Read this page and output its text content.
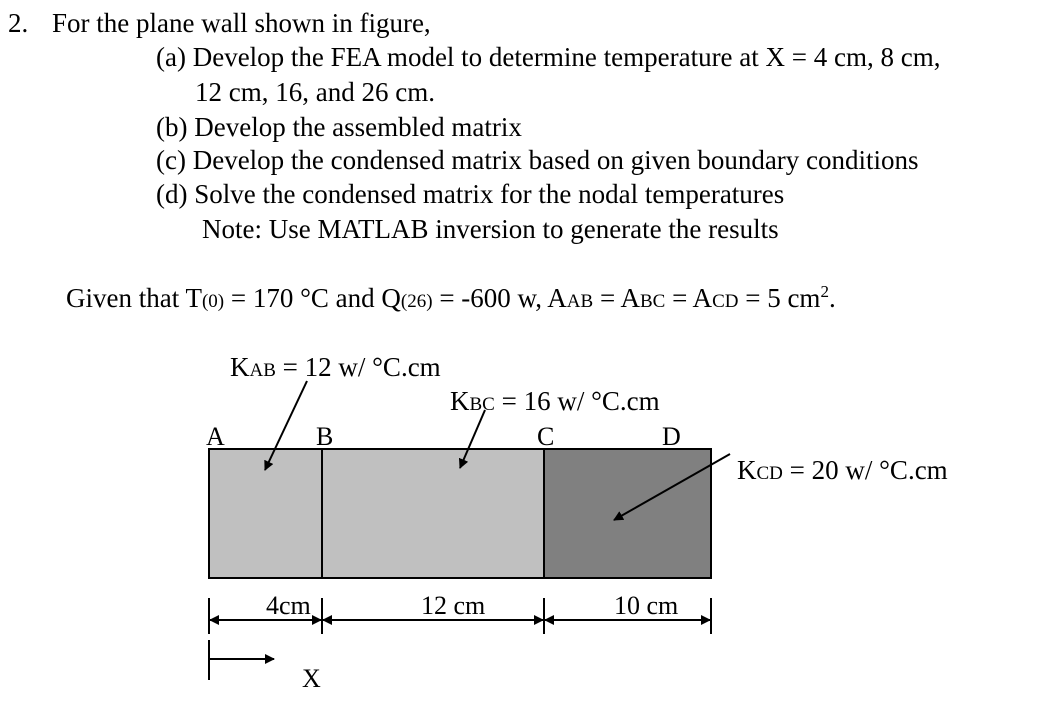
2. For the plane wall shown in figure,
(a) Develop the FEA model to determine temperature at X = 4 cm, 8 cm,
12 cm, 16, and 26 cm.
(b) Develop the assembled matrix
(c) Develop the condensed matrix based on given boundary conditions
(d) Solve the condensed matrix for the nodal temperatures
Note: Use MATLAB inversion to generate the results
Given that T(0) = 170 °C and Q(26) = -600 w, AAB = ABC = ACD = 5 $cm^2$.
KAB = 12 w/ °C.cm
KBC = 16 w/ °C.cm
KCD = 20 w/ °C.cm
A	B	C	D
4cm	12 cm	10 cm
X
